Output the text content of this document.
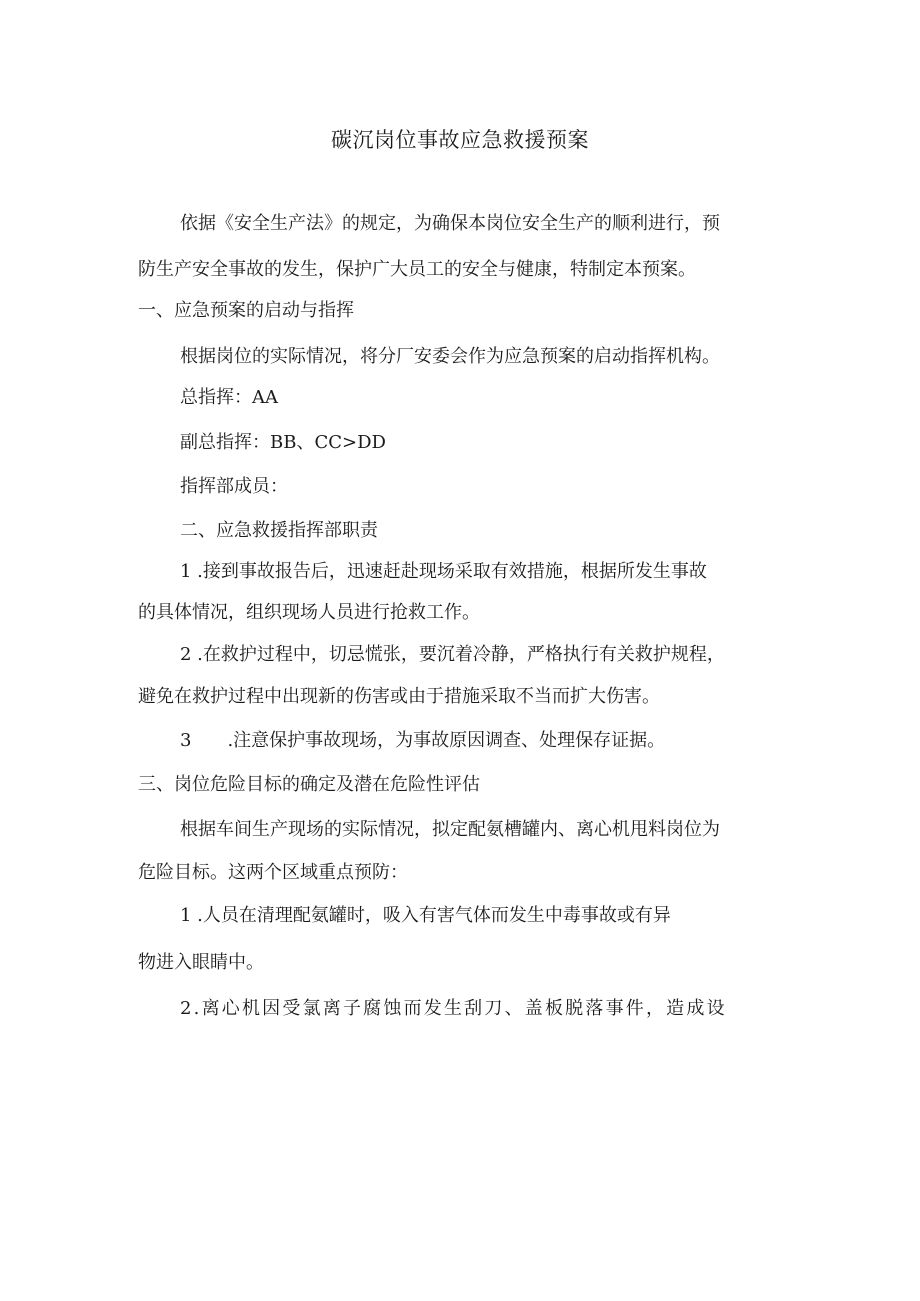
碳沉岗位事故应急救援预案
依据《安全生产法》的规定，为确保本岗位安全生产的顺利进行，预
防生产安全事故的发生，保护广大员工的安全与健康，特制定本预案。
一、应急预案的启动与指挥
根据岗位的实际情况，将分厂安委会作为应急预案的启动指挥机构。
总指挥：AA
副总指挥：BB、CC>DD
指挥部成员：
二、应急救援指挥部职责
1 .接到事故报告后，迅速赶赴现场采取有效措施，根据所发生事故
的具体情况，组织现场人员进行抢救工作。
2 .在救护过程中，切忌慌张，要沉着冷静，严格执行有关救护规程，
避免在救护过程中出现新的伤害或由于措施采取不当而扩大伤害。
3　　.注意保护事故现场，为事故原因调查、处理保存证据。
三、岗位危险目标的确定及潜在危险性评估
根据车间生产现场的实际情况，拟定配氨槽罐内、离心机甩料岗位为
危险目标。这两个区域重点预防：
1 .人员在清理配氨罐时，吸入有害气体而发生中毒事故或有异
物进入眼睛中。
2.离心机因受氯离子腐蚀而发生刮刀、盖板脱落事件，造成设
